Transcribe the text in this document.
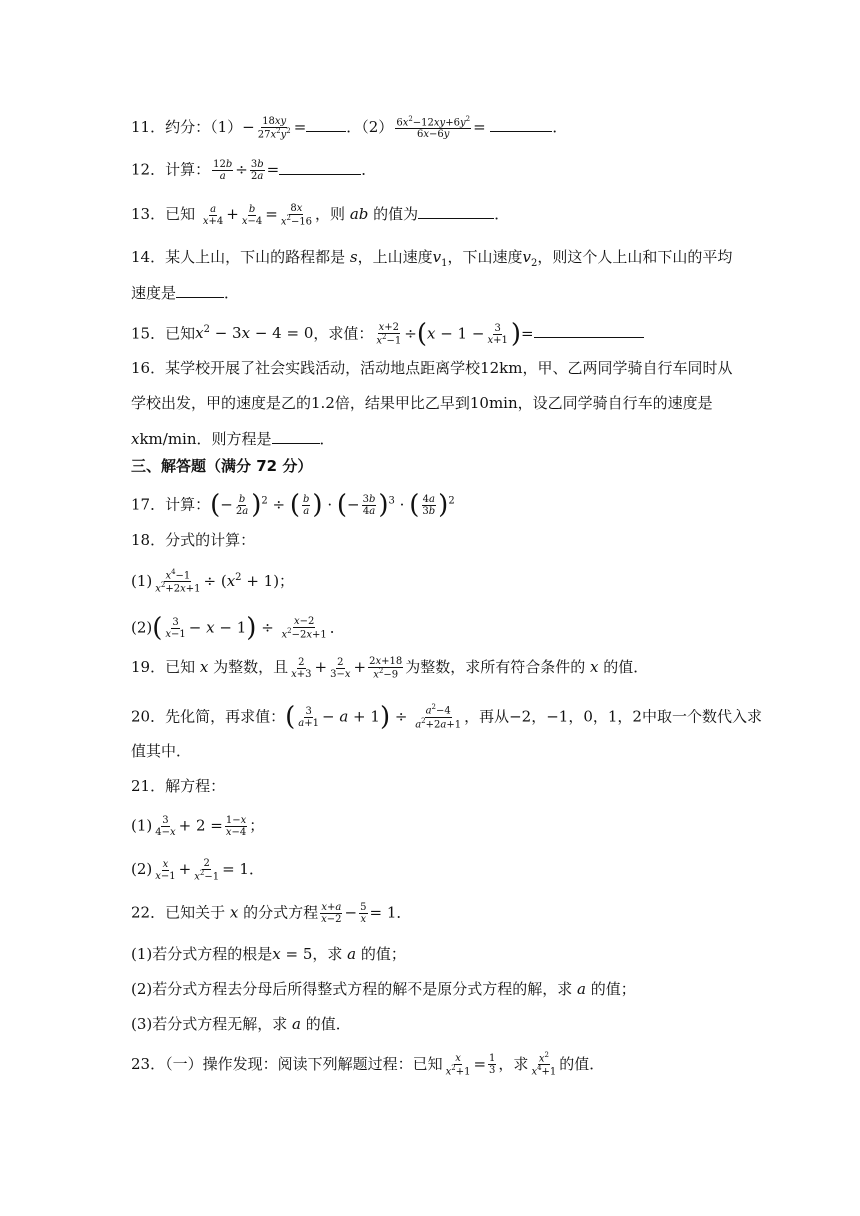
11．约分：$(1)- \frac{18xy}{27x^2y^2}$ =	．$(2) \frac{6x^2-12xy+6y^2}{6x-6y}$ =	．
12．计算： $\frac{12b}{a} \div \frac{3b}{2a}$ =	．
13．已知 $\frac{a}{x+4} + \frac{b}{x-4} = \frac{8x}{x^2-16}$ ，则 ab 的值为	．
14．某人上山，下山的路程都是 s，上山速度$v_1$，下山速度$v_2$，则这个人上山和下山的平均
速度是	．
15．已知$x^2 - 3x - 4 = 0$，求值： $\frac{x+2}{x^2-1} \div(x - 1 - \frac{3}{x+1}$ )=
16．某学校开展了社会实践活动，活动地点距离学校12km，甲、乙两同学骑自行车同时从
学校出发，甲的速度是乙的1.2倍，结果甲比乙早到10min，设乙同学骑自行车的速度是
xkm/min．则方程是	．
三、解答题（满分 72 分）
17．计算：(− $\frac{b}{2a} )^2$ ÷ ( $\frac{b}{a}$ ) · (− $\frac{3b}{4a} )^3$ · ( $\frac{4a}{3b} )^2$
18．分式的计算：
$(1) \frac{x^4-1}{x^2+2x+1} \div (x^2 + 1)$；
$(2)( \frac{3}{x-1} - x - 1) \div \frac{x-2}{x^2-2x+1}$ ．
19．已知 x 为整数，且 $\frac{2}{x+3} + \frac{2}{3-x} + \frac{2x+18}{x^2-9}$ 为整数，求所有符合条件的 x 的值．
20．先化简，再求值：( $\frac{3}{a+1} - a + 1) \div \frac{a^2-4}{a^2+2a+1}$ ，再从−2，−1，0，1，2中取一个数代入求
值其中．
21．解方程：
$(1) \frac{3}{4-x} + 2 = \frac{1-x}{x-4}$ ；
$(2) \frac{x}{x-1} + \frac{2}{x^2-1} = 1$．
22．已知关于 x 的分式方程 $\frac{x+a}{x-2} - \frac{5}{x} = 1$．
(1)若分式方程的根是x = 5，求 a 的值；
(2)若分式方程去分母后所得整式方程的解不是原分式方程的解，求 a 的值；
(3)若分式方程无解，求 a 的值．
23．（一）操作发现：阅读下列解题过程：已知 $\frac{x}{x^2+1} = \frac{1}{3}$ ，求 $\frac{x^2}{x^4+1}$ 的值．
